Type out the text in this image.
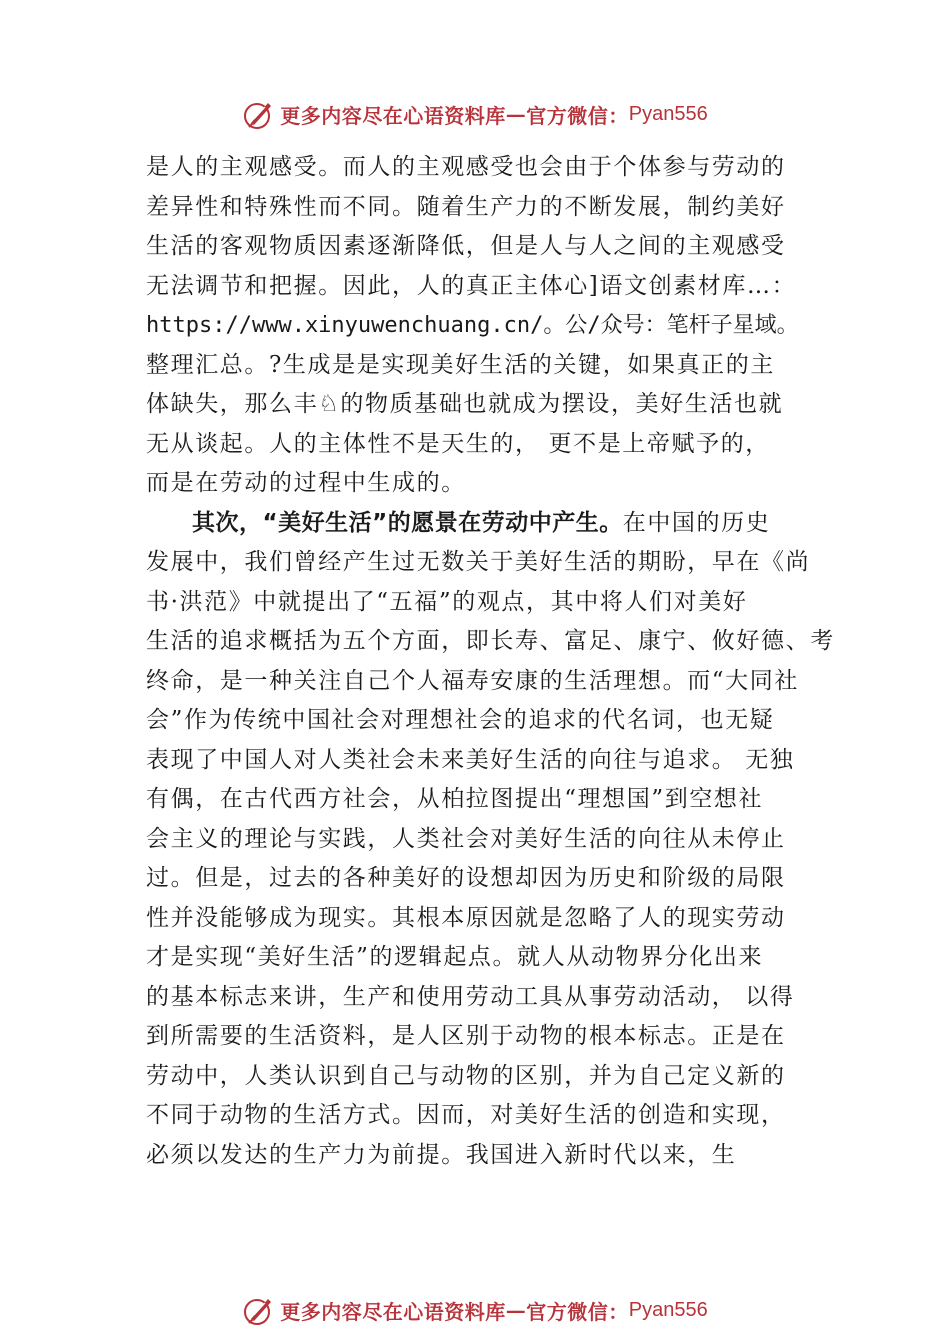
更多内容尽在心语资料库 — 官方微信： Pyan556
是人的主观感受。而人的主观感受也会由于个体参与劳动的
差异性和特殊性而不同。随着生产力的不断发展，制约美好
生活的客观物质因素逐渐降低，但是人与人之间的主观感受
无法调节和把握。因此，人的真正主体心]语文创素材库…：
https://www.xinyuwenchuang.cn/。公/众号：笔杆子星域。
整理汇总。?生成是是实现美好生活的关键，如果真正的主
体缺失，那么丰♘的物质基础也就成为摆设，美好生活也就
无从谈起。人的主体性不是天生的， 更不是上帝赋予的，
而是在劳动的过程中生成的。
其次，“美好生活”的愿景在劳动中产生。在中国的历史
发展中，我们曾经产生过无数关于美好生活的期盼，早在《尚
书·洪范》中就提出了“五福”的观点，其中将人们对美好
生活的追求概括为五个方面，即长寿、富足、康宁、攸好德、考
终命，是一种关注自己个人福寿安康的生活理想。而“大同社
会”作为传统中国社会对理想社会的追求的代名词，也无疑
表现了中国人对人类社会未来美好生活的向往与追求。 无独
有偶，在古代西方社会，从柏拉图提出“理想国”到空想社
会主义的理论与实践，人类社会对美好生活的向往从未停止
过。但是，过去的各种美好的设想却因为历史和阶级的局限
性并没能够成为现实。其根本原因就是忽略了人的现实劳动
才是实现“美好生活”的逻辑起点。就人从动物界分化出来
的基本标志来讲，生产和使用劳动工具从事劳动活动， 以得
到所需要的生活资料，是人区别于动物的根本标志。正是在
劳动中，人类认识到自己与动物的区别，并为自己定义新的
不同于动物的生活方式。因而，对美好生活的创造和实现，
必须以发达的生产力为前提。我国进入新时代以来，生
更多内容尽在心语资料库 — 官方微信： Pyan556
